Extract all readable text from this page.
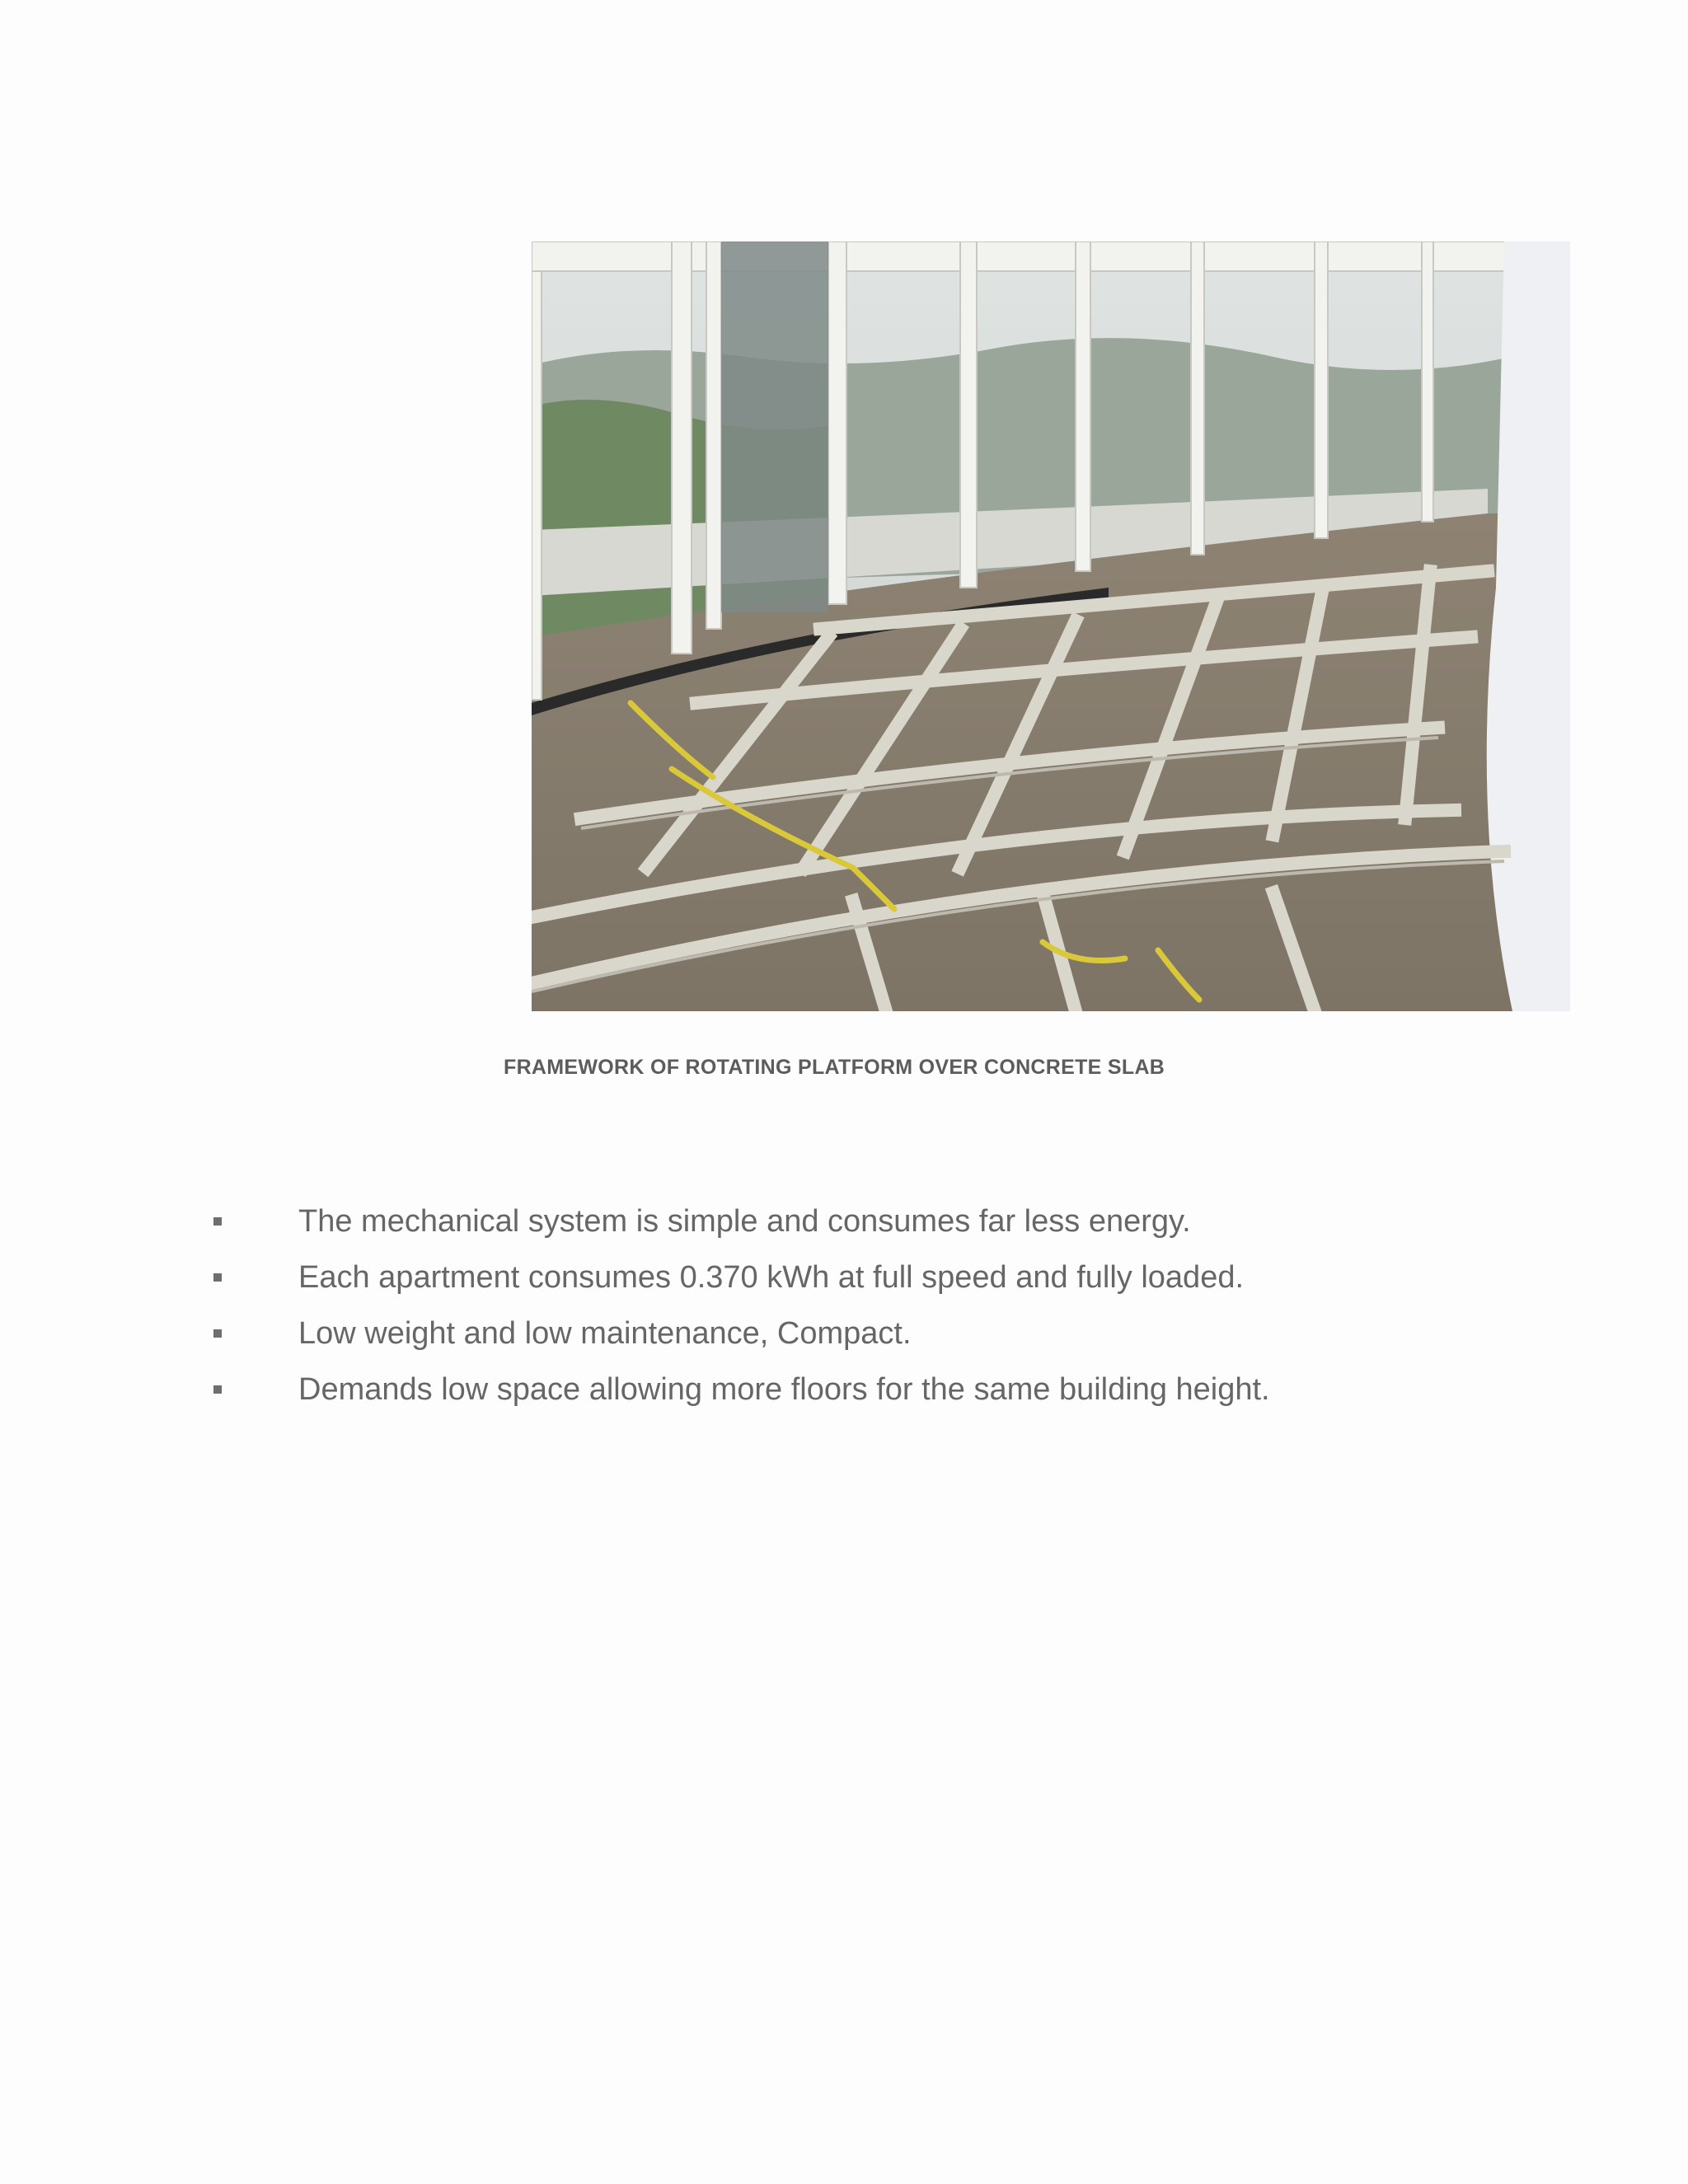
FRAMEWORK OF ROTATING PLATFORM OVER CONCRETE SLAB
The mechanical system is simple and consumes far less energy.
Each apartment consumes 0.370 kWh at full speed and fully loaded.
Low weight and low maintenance, Compact.
Demands low space allowing more floors for the same building height.
